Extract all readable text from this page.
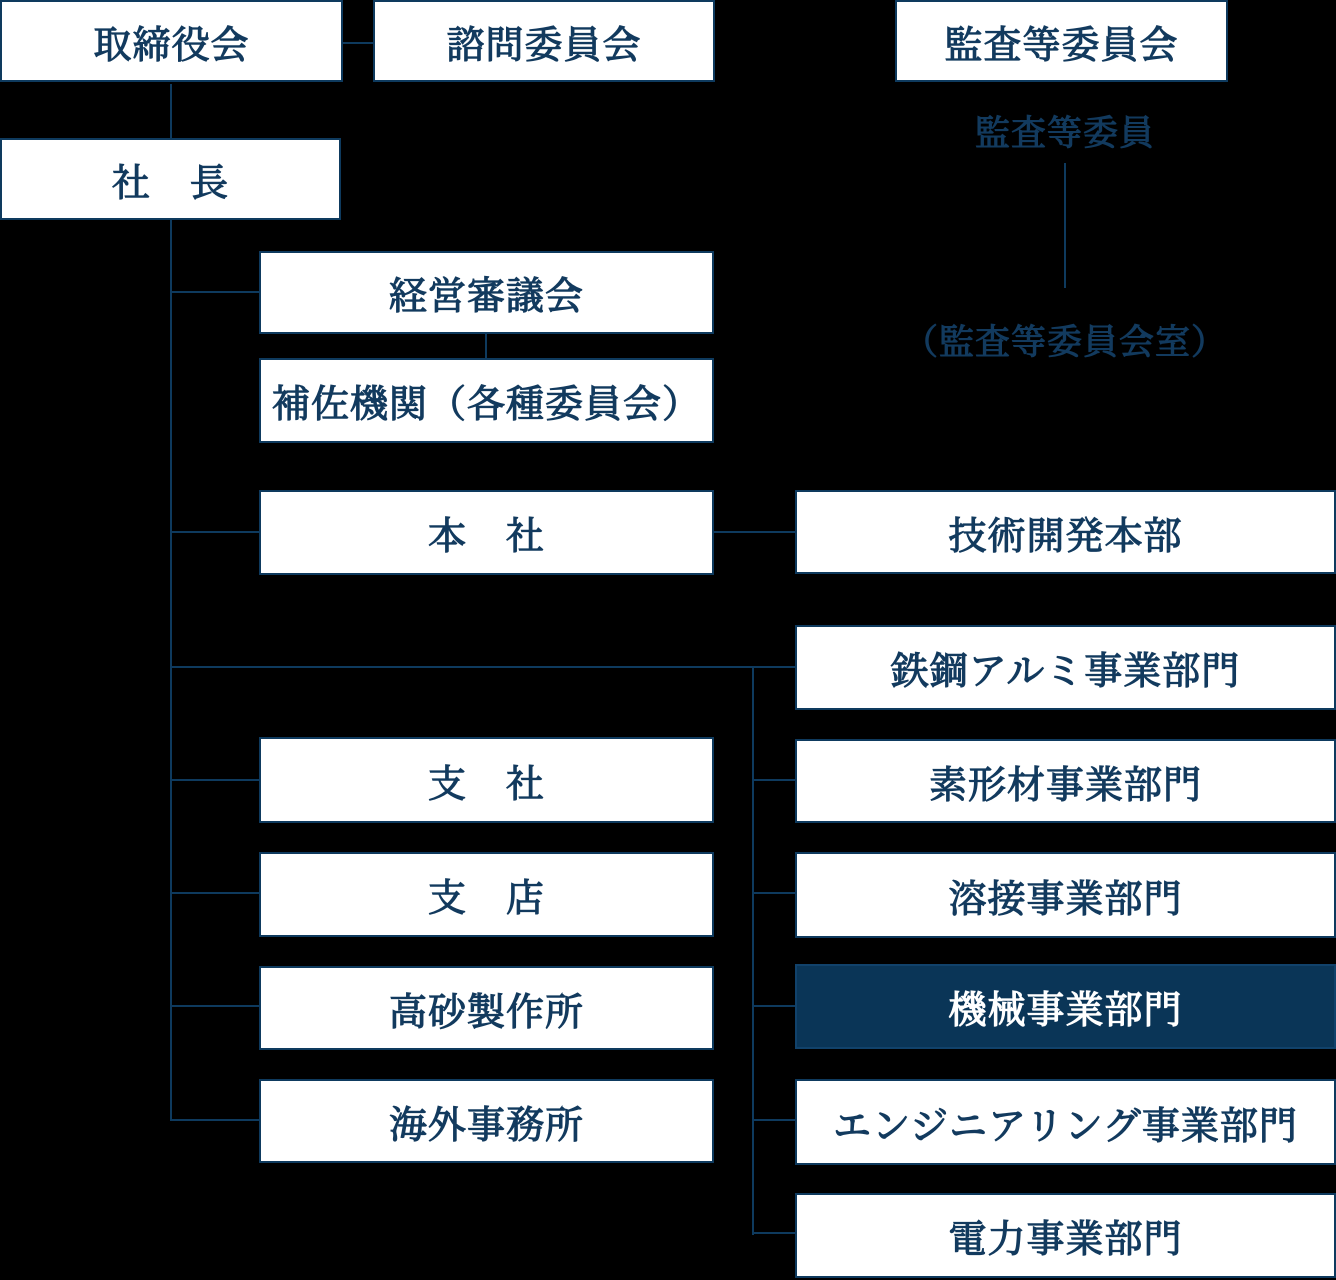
取締役会	諮問委員会	監査等委員会
監査等委員
（監査等委員会室）
社　長
経営審議会
補佐機関（各種委員会）
本　社
支　社
支　店
高砂製作所
海外事務所
技術開発本部
鉄鋼アルミ事業部門
素形材事業部門
溶接事業部門
機械事業部門
エンジニアリング事業部門
電力事業部門
